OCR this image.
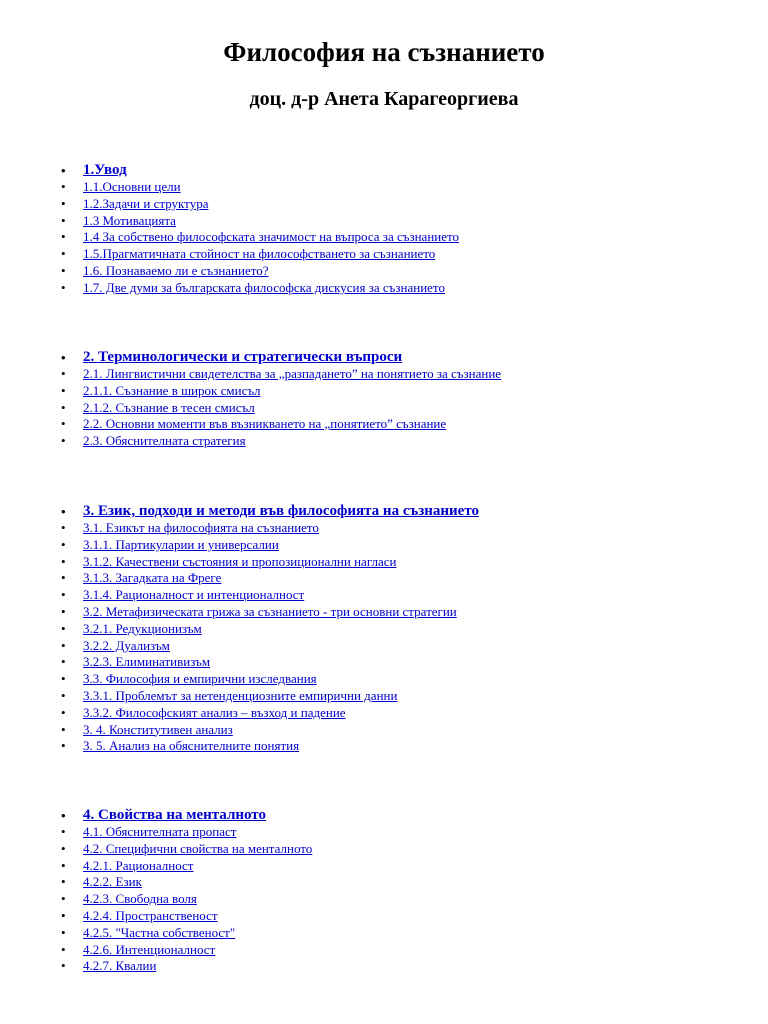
Философия на съзнанието
доц. д-р Анета Карагеоргиева
• 1.Увод
• 1.1.Основни цели
• 1.2.Задачи и структура
• 1.3 Мотивацията
• 1.4 За собствено философската значимост на въпроса за съзнанието
• 1.5.Прагматичната стойност на философстването за съзнанието
• 1.6. Познаваемо ли е съзнанието?
• 1.7. Две думи за българската философска дискусия за съзнанието
• 2. Терминологически и стратегически въпроси
• 2.1. Лингвистични свидетелства за „разпадането” на понятието за съзнание
• 2.1.1. Съзнание в широк смисъл
• 2.1.2. Съзнание в тесен смисъл
• 2.2. Основни моменти във възникването на „понятието” съзнание
• 2.3. Обяснителната стратегия
• 3. Език, подходи и методи във философията на съзнанието
• 3.1. Езикът на философията на съзнанието
• 3.1.1. Партикуларии и универсалии
• 3.1.2. Качествени състояния и пропозиционални нагласи
• 3.1.3. Загадката на Фреге
• 3.1.4. Рационалност и интенционалност
• 3.2. Метафизическата грижа за съзнанието - три основни стратегии
• 3.2.1. Редукционизъм
• 3.2.2. Дуализъм
• 3.2.3. Елиминативизъм
• 3.3. Философия и емпирични изследвания
• 3.3.1. Проблемът за нетенденциозните емпирични данни
• 3.3.2. Философският анализ – възход и падение
• 3. 4. Конститутивен анализ
• 3. 5. Анализ на обяснителните понятия
• 4. Свойства на менталното
• 4.1. Обяснителната пропаст
• 4.2. Специфични свойства на менталното
• 4.2.1. Рационалност
• 4.2.2. Език
• 4.2.3. Свободна воля
• 4.2.4. Пространственост
• 4.2.5. "Частна собственост"
• 4.2.6. Интенционалност
• 4.2.7. Квалии
